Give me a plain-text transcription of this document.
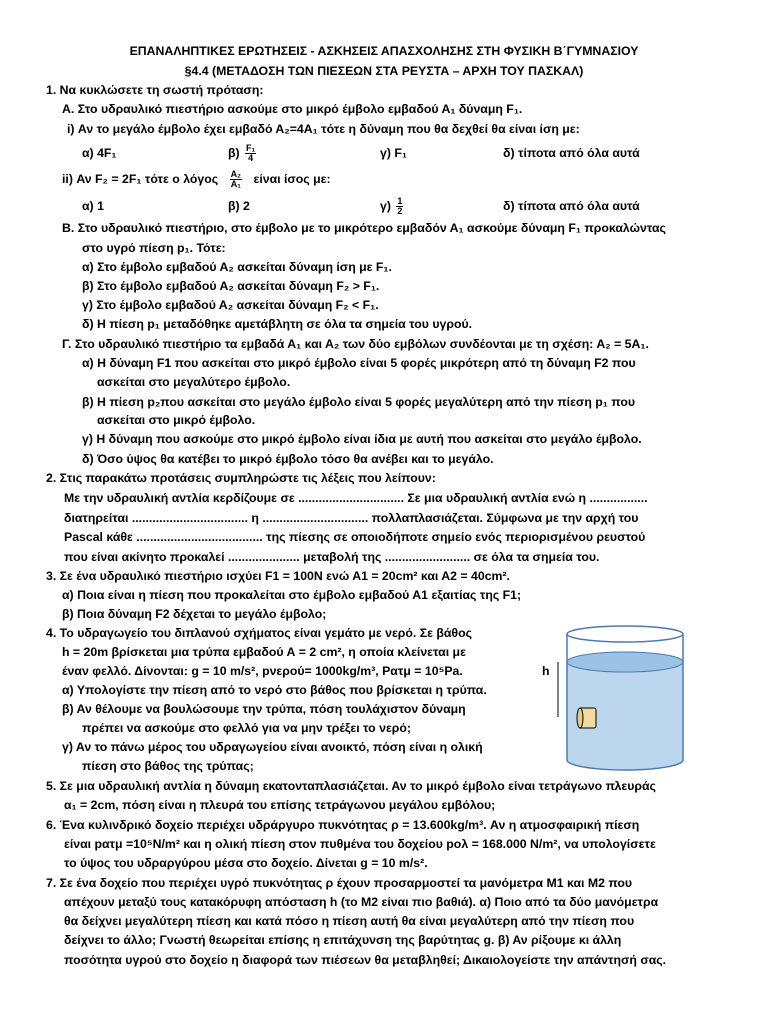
ΕΠΑΝΑΛΗΠΤΙΚΕΣ ΕΡΩΤΗΣΕΙΣ - ΑΣΚΗΣΕΙΣ ΑΠΑΣΧΟΛΗΣΗΣ ΣΤΗ ΦΥΣΙΚΗ Β΄ΓΥΜΝΑΣΙΟΥ
§4.4 (ΜΕΤΑΔΟΣΗ ΤΩΝ ΠΙΕΣΕΩΝ ΣΤΑ ΡΕΥΣΤΑ – ΑΡΧΗ ΤΟΥ ΠΑΣΚΑΛ)
1. Να κυκλώσετε τη σωστή πρόταση:
Α. Στο υδραυλικό πιεστήριο ασκούμε στο μικρό έμβολο εμβαδού Α₁ δύναμη F₁.
i) Αν το μεγάλο έμβολο έχει εμβαδό Α₂=4Α₁ τότε η δύναμη που θα δεχθεί θα είναι ίση με:
α) 4F₁	$\beta) \frac{\text{F₁}}{4}$	γ) F₁	δ) τίποτα από όλα αυτά
ii) Αν F₂ = 2F₁ τότε ο λόγος $\frac{\text{A₂}}{\text{A₁}}$ είναι ίσος με:
α) 1	β) 2	$\gamma) \frac{1}{2}$	δ) τίποτα από όλα αυτά
Β. Στο υδραυλικό πιεστήριο, στο έμβολο με το μικρότερο εμβαδόν Α₁ ασκούμε δύναμη F₁ προκαλώντας
στο υγρό πίεση p₁. Τότε:
α) Στο έμβολο εμβαδού Α₂ ασκείται δύναμη ίση με F₁.
β) Στο έμβολο εμβαδού Α₂ ασκείται δύναμη F₂ > F₁.
γ) Στο έμβολο εμβαδού Α₂ ασκείται δύναμη F₂ < F₁.
δ) Η πίεση p₁ μεταδόθηκε αμετάβλητη σε όλα τα σημεία του υγρού.
Γ. Στο υδραυλικό πιεστήριο τα εμβαδά Α₁ και Α₂ των δύο εμβόλων συνδέονται με τη σχέση: Α₂ = 5Α₁.
α) Η δύναμη F1 που ασκείται στο μικρό έμβολο είναι 5 φορές μικρότερη από τη δύναμη F2 που
ασκείται στο μεγαλύτερο έμβολο.
β) Η πίεση p₂που ασκείται στο μεγάλο έμβολο είναι 5 φορές μεγαλύτερη από την πίεση p₁ που
ασκείται στο μικρό έμβολο.
γ) Η δύναμη που ασκούμε στο μικρό έμβολο είναι ίδια με αυτή που ασκείται στο μεγάλο έμβολο.
δ) Όσο ύψος θα κατέβει το μικρό έμβολο τόσο θα ανέβει και το μεγάλο.
2. Στις παρακάτω προτάσεις συμπληρώστε τις λέξεις που λείπουν:
Με την υδραυλική αντλία κερδίζουμε σε ............................... Σε μια υδραυλική αντλία ενώ η .................
διατηρείται .................................. η ............................... πολλαπλασιάζεται. Σύμφωνα με την αρχή του
Pascal κάθε ..................................... της πίεσης σε οποιοδήποτε σημείο ενός περιορισμένου ρευστού
που είναι ακίνητο προκαλεί ..................... μεταβολή της ......................... σε όλα τα σημεία του.
3. Σε ένα υδραυλικό πιεστήριο ισχύει F1 = 100Ν ενώ Α1 = 20cm² και Α2 = 40cm².
α) Ποια είναι η πίεση που προκαλείται στο έμβολο εμβαδού Α1 εξαιτίας της F1;
β) Ποια δύναμη F2 δέχεται το μεγάλο έμβολο;
4. Το υδραγωγείο του διπλανού σχήματος είναι γεμάτο με νερό. Σε βάθος
h = 20m βρίσκεται μια τρύπα εμβαδού Α = 2 cm², η οποία κλείνεται με
έναν φελλό. Δίνονται: g = 10 m/s², pνερού= 1000kg/m³, Pατμ = 10⁵Pa.
α) Υπολογίστε την πίεση από το νερό στο βάθος που βρίσκεται η τρύπα.
β) Αν θέλουμε να βουλώσουμε την τρύπα, πόση τουλάχιστον δύναμη
πρέπει να ασκούμε στο φελλό για να μην τρέξει το νερό;
γ) Αν το πάνω μέρος του υδραγωγείου είναι ανοικτό, πόση είναι η ολική
πίεση στο βάθος της τρύπας;
h
5. Σε μια υδραυλική αντλία η δύναμη εκατονταπλασιάζεται. Αν το μικρό έμβολο είναι τετράγωνο πλευράς
α₁ = 2cm, πόση είναι η πλευρά του επίσης τετράγωνου μεγάλου εμβόλου;
6. Ένα κυλινδρικό δοχείο περιέχει υδράργυρο πυκνότητας ρ = 13.600kg/m³. Αν η ατμοσφαιρική πίεση
είναι pατμ =10⁵N/m² και η ολική πίεση στον πυθμένα του δοχείου pολ = 168.000 N/m², να υπολογίσετε
το ύψος του υδραργύρου μέσα στο δοχείο. Δίνεται g = 10 m/s².
7. Σε ένα δοχείο που περιέχει υγρό πυκνότητας ρ έχουν προσαρμοστεί τα μανόμετρα Μ1 και Μ2 που
απέχουν μεταξύ τους κατακόρυφη απόσταση h (το Μ2 είναι πιο βαθιά). α) Ποιο από τα δύο μανόμετρα
θα δείχνει μεγαλύτερη πίεση και κατά πόσο η πίεση αυτή θα είναι μεγαλύτερη από την πίεση που
δείχνει το άλλο; Γνωστή θεωρείται επίσης η επιτάχυνση της βαρύτητας g. β) Αν ρίξουμε κι άλλη
ποσότητα υγρού στο δοχείο η διαφορά των πιέσεων θα μεταβληθεί; Δικαιολογείστε την απάντησή σας.
